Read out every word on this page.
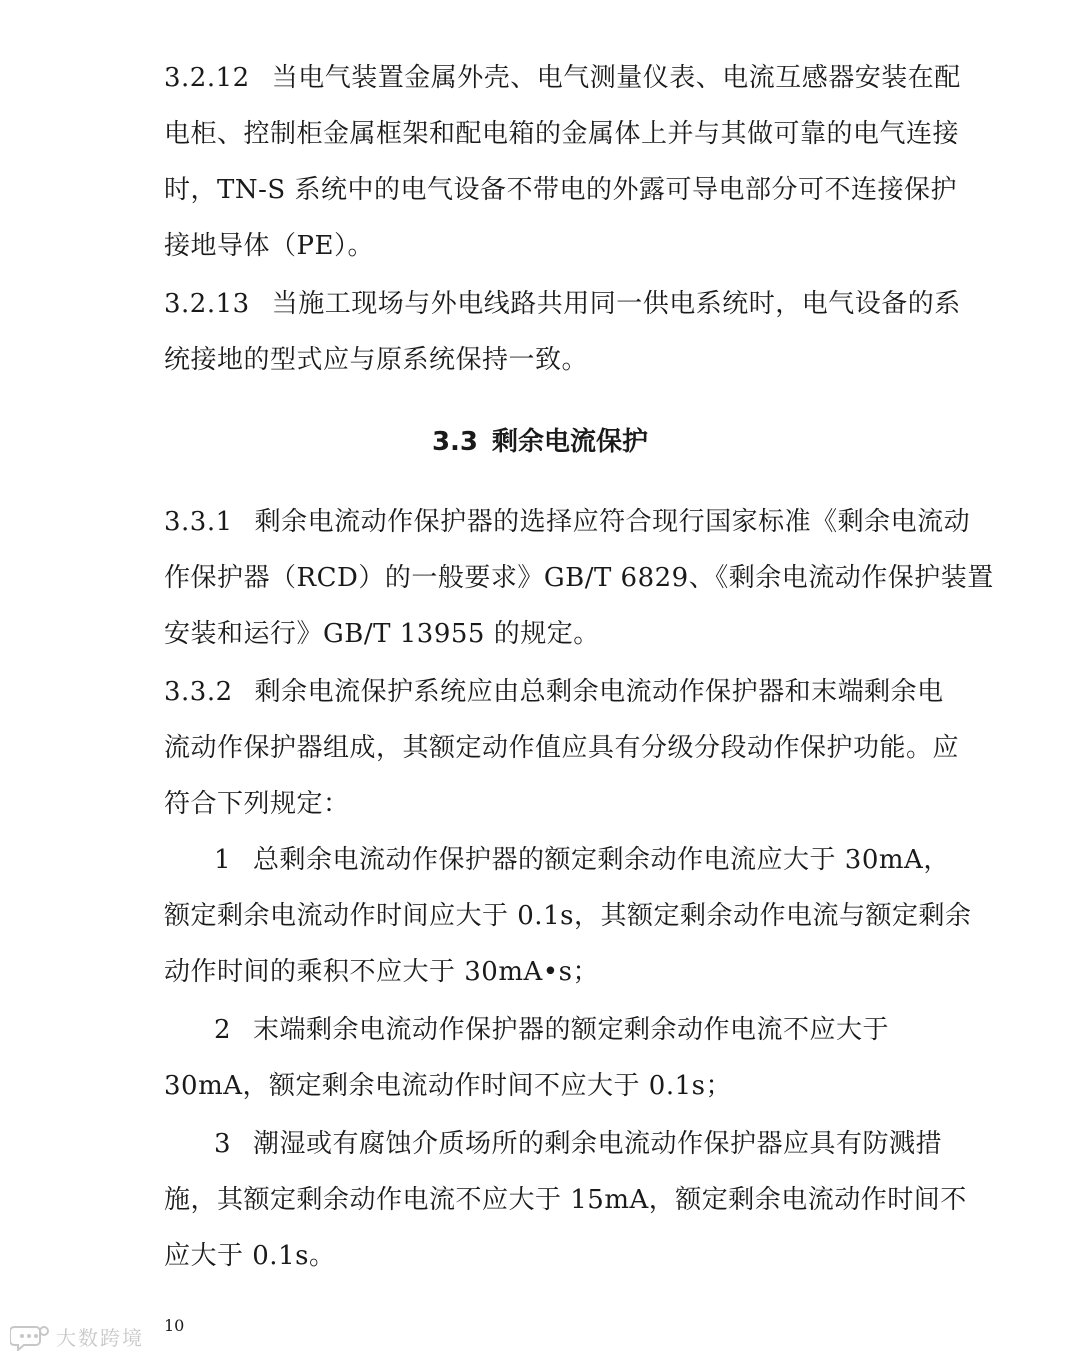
3.2.12 当电气装置金属外壳、电气测量仪表、电流互感器安装在配
电柜、控制柜金属框架和配电箱的金属体上并与其做可靠的电气连接
时，TN-S 系统中的电气设备不带电的外露可导电部分可不连接保护
接地导体（PE）。
3.2.13 当施工现场与外电线路共用同一供电系统时，电气设备的系
统接地的型式应与原系统保持一致。
3.3 剩余电流保护
3.3.1 剩余电流动作保护器的选择应符合现行国家标准《剩余电流动
作保护器（RCD）的一般要求》GB/T 6829、《剩余电流动作保护装置
安装和运行》GB/T 13955 的规定。
3.3.2 剩余电流保护系统应由总剩余电流动作保护器和末端剩余电
流动作保护器组成，其额定动作值应具有分级分段动作保护功能。应
符合下列规定：
1 总剩余电流动作保护器的额定剩余动作电流应大于 30mA，
额定剩余电流动作时间应大于 0.1s，其额定剩余动作电流与额定剩余
动作时间的乘积不应大于 30mA•s；
2 末端剩余电流动作保护器的额定剩余动作电流不应大于
30mA，额定剩余电流动作时间不应大于 0.1s；
3 潮湿或有腐蚀介质场所的剩余电流动作保护器应具有防溅措
施，其额定剩余动作电流不应大于 15mA，额定剩余电流动作时间不
应大于 0.1s。
10
大数跨境
